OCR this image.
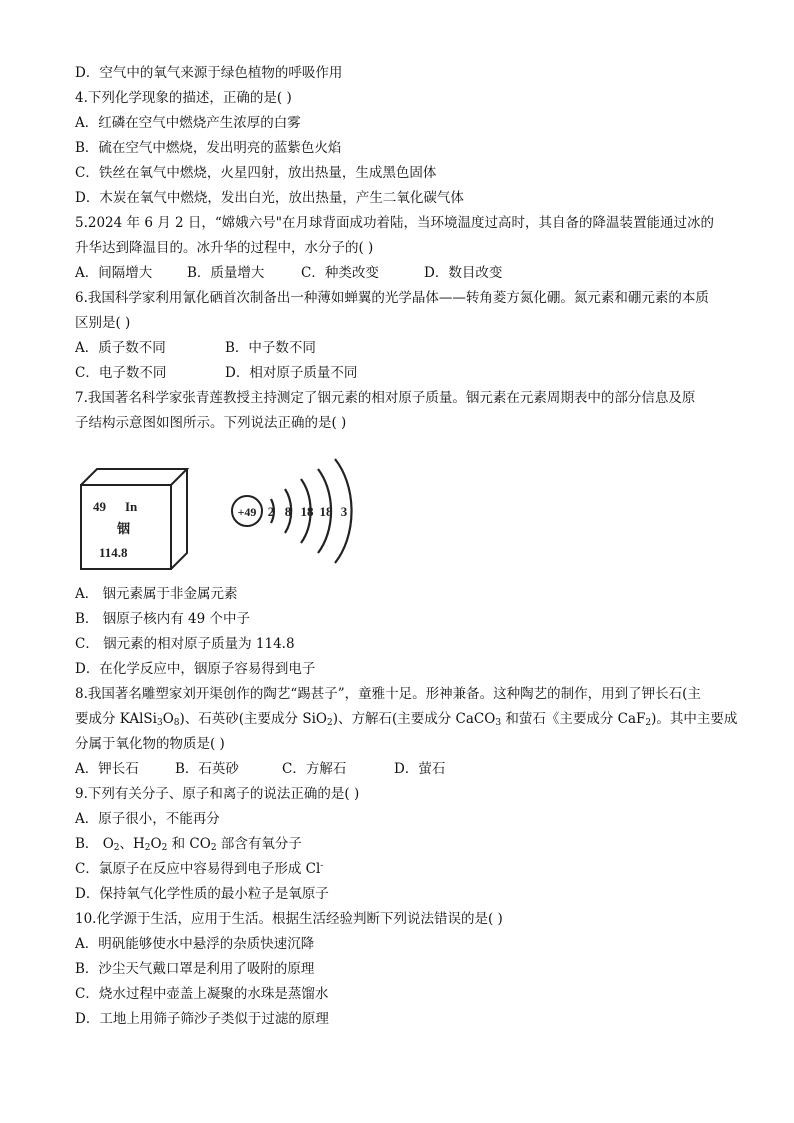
D．空气中的氧气来源于绿色植物的呼吸作用
4.下列化学现象的描述，正确的是( )
A．红磷在空气中燃烧产生浓厚的白雾
B．硫在空气中燃烧，发出明亮的蓝紫色火焰
C．铁丝在氧气中燃烧，火星四射，放出热量，生成黑色固体
D．木炭在氧气中燃烧，发出白光，放出热量，产生二氧化碳气体
5.2024 年 6 月 2 日，“嫦娥六号"在月球背面成功着陆，当环境温度过高时，其自备的降温装置能通过冰的
升华达到降温目的。冰升华的过程中，水分子的( )
A．间隔增大	B．质量增大	C．种类改变	D．数目改变
6.我国科学家利用氰化硒首次制备出一种薄如蝉翼的光学晶体——转角菱方氮化硼。氮元素和硼元素的本质
区别是( )
A．质子数不同	B．中子数不同
C．电子数不同	D．相对原子质量不同
7.我国著名科学家张青莲教授主持测定了铟元素的相对原子质量。铟元素在元素周期表中的部分信息及原
子结构示意图如图所示。下列说法正确的是( )
49 In
铟
114.8
+49 2 8 18 18 3
A． 铟元素属于非金属元素
B． 铟原子核内有 49 个中子
C． 铟元素的相对原子质量为 114.8
D．在化学反应中，铟原子容易得到电子
8.我国著名雕塑家刘开渠创作的陶艺“踢甚子”，童雅十足。形神兼备。这种陶艺的制作，用到了钾长石(主
要成分 $KAlSi_3O_8$)、石英砂(主要成分 SiO$_2$)、方解石(主要成分 CaCO$_3$ 和萤石《主要成分 CaF$_2$)。其中主要成
分属于氧化物的物质是( )
A．钾长石	B．石英砂	C．方解石	D．萤石
9.下列有关分子、原子和离子的说法正确的是( )
A．原子很小，不能再分
B． $O_2$、$H_2O_2$ 和 $CO_2$ 部含有氧分子
C．氯原子在反应中容易得到电子形成 Cl-
D．保持氧气化学性质的最小粒子是氧原子
10.化学源于生活，应用于生活。根据生活经验判断下列说法错误的是( )
A．明矾能够使水中悬浮的杂质快速沉降
B．沙尘天气戴口罩是利用了吸附的原理
C．烧水过程中壶盖上凝聚的水珠是蒸馏水
D．工地上用筛子筛沙子类似于过滤的原理
